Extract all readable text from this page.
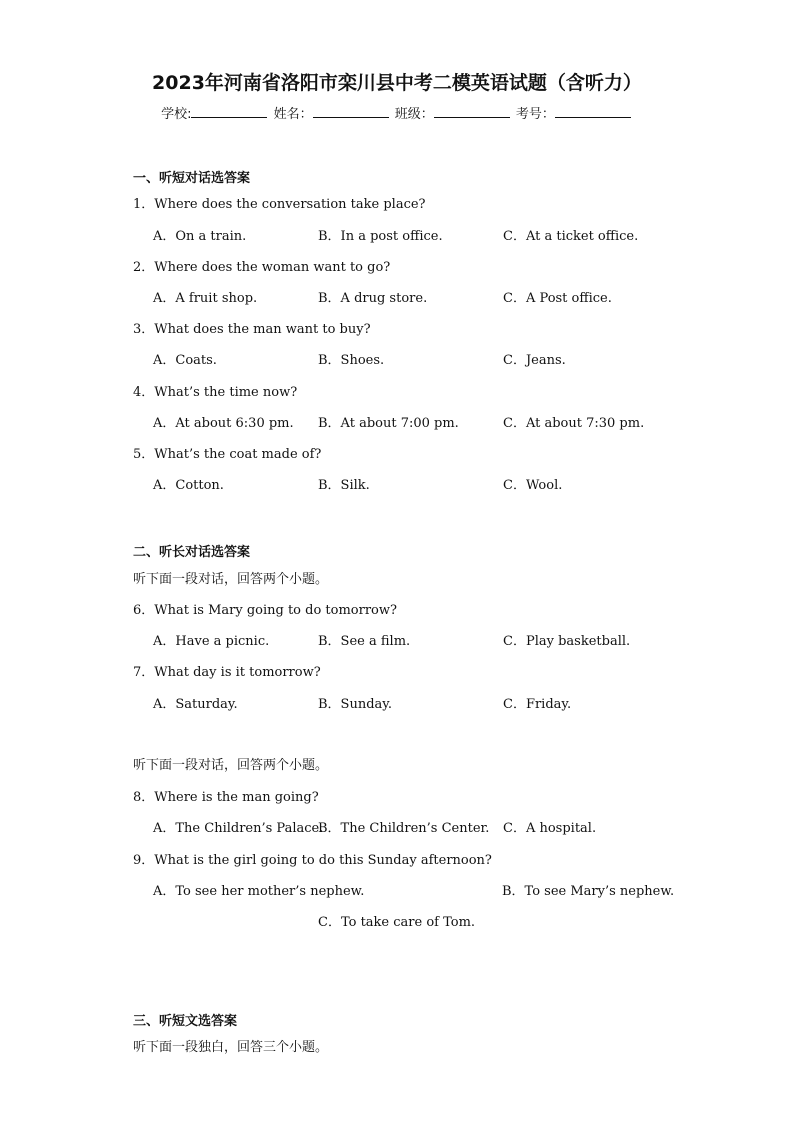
2023年河南省洛阳市栾川县中考二模英语试题（含听力）
学校:	姓名：	班级：	考号：
一、听短对话选答案
1．Where does the conversation take place?
A．On a train.	B．In a post office.	C．At a ticket office.
2．Where does the woman want to go?
A．A fruit shop.	B．A drug store.	C．A Post office.
3．What does the man want to buy?
A．Coats.	B．Shoes.	C．Jeans.
4．What’s the time now?
A．At about 6:30 pm. B．At about 7:00 pm.	C．At about 7:30 pm.
5．What’s the coat made of?
A．Cotton.	B．Silk.	C．Wool.
二、听长对话选答案
听下面一段对话，回答两个小题。
6．What is Mary going to do tomorrow?
A．Have a picnic.	B．See a film.	C．Play basketball.
7．What day is it tomorrow?
A．Saturday.	B．Sunday.	C．Friday.
听下面一段对话，回答两个小题。
8．Where is the man going?
A．The Children’s Palace.
B．The Children’s Center. C．A hospital.
9．What is the girl going to do this Sunday afternoon?
A．To see her mother’s nephew.	B．To see Mary’s nephew.
C．To take care of Tom.
三、听短文选答案
听下面一段独白，回答三个小题。
